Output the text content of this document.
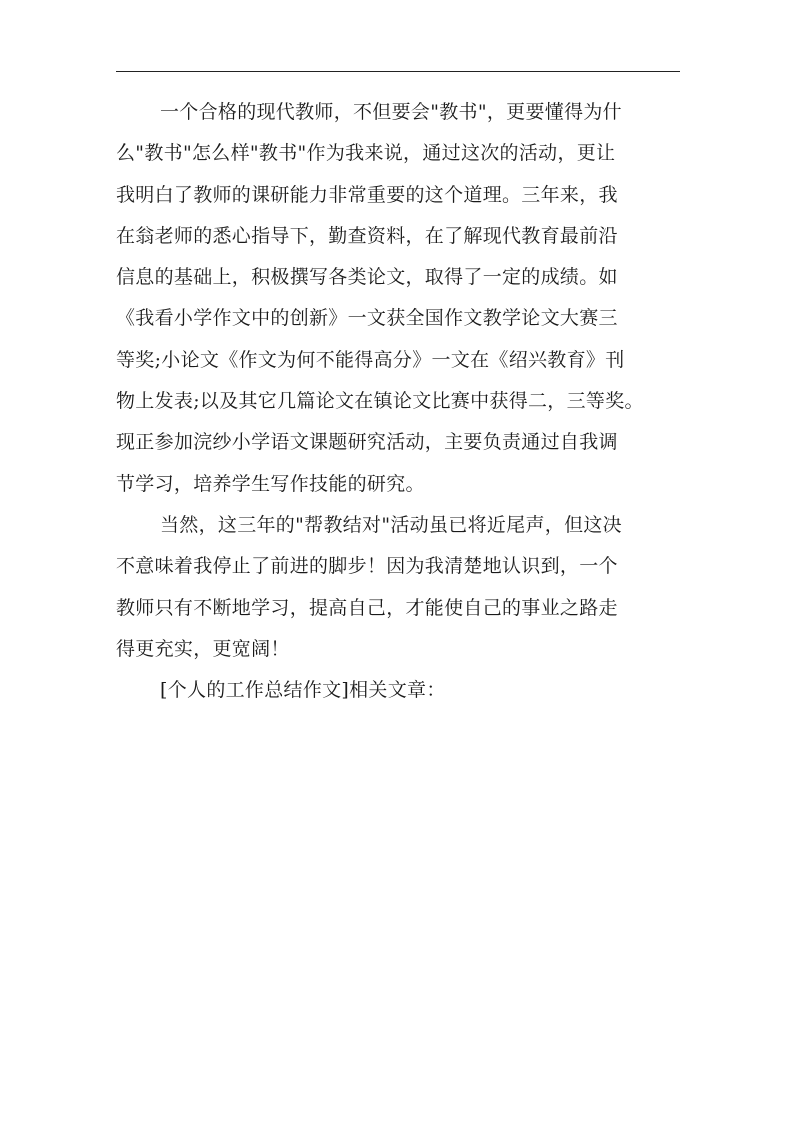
一个合格的现代教师，不但要会"教书"，更要懂得为什
么"教书"怎么样"教书"作为我来说，通过这次的活动，更让
我明白了教师的课研能力非常重要的这个道理。三年来，我
在翁老师的悉心指导下，勤查资料，在了解现代教育最前沿
信息的基础上，积极撰写各类论文，取得了一定的成绩。如
《我看小学作文中的创新》一文获全国作文教学论文大赛三
等奖;小论文《作文为何不能得高分》一文在《绍兴教育》刊
物上发表;以及其它几篇论文在镇论文比赛中获得二，三等奖。
现正参加浣纱小学语文课题研究活动，主要负责通过自我调
节学习，培养学生写作技能的研究。
当然，这三年的"帮教结对"活动虽已将近尾声，但这决
不意味着我停止了前进的脚步！因为我清楚地认识到，一个
教师只有不断地学习，提高自己，才能使自己的事业之路走
得更充实，更宽阔！
[个人的工作总结作文]相关文章：
